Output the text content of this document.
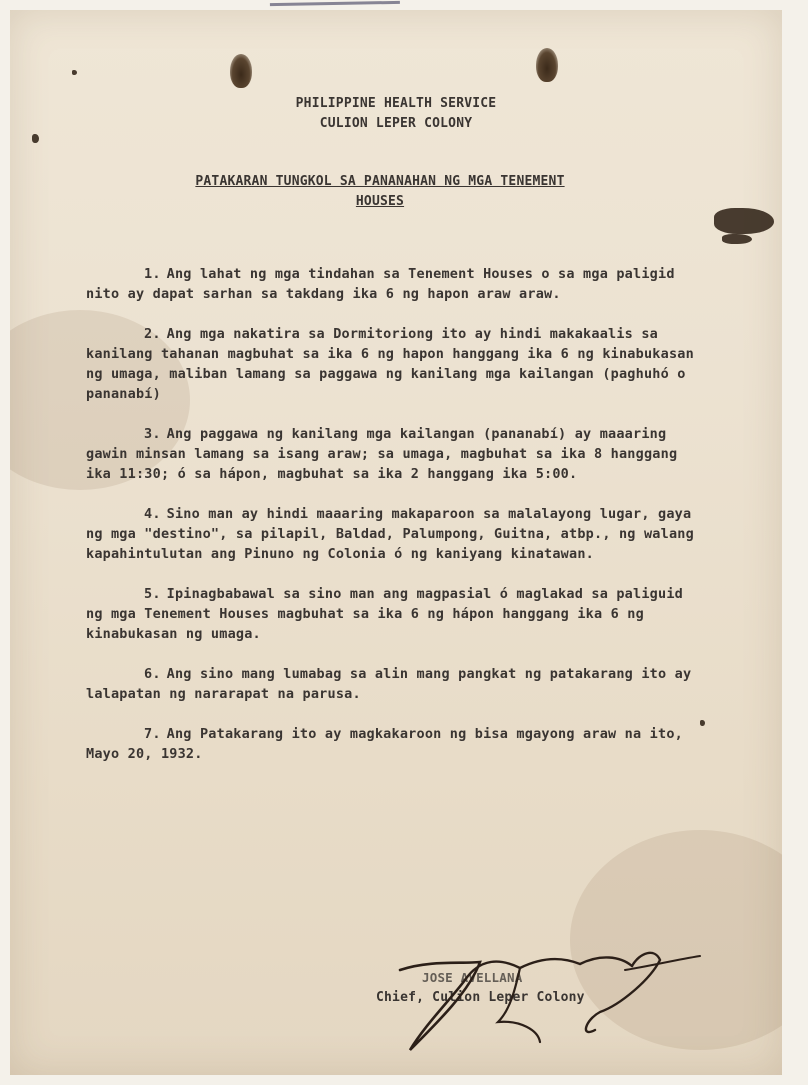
PHILIPPINE HEALTH SERVICE
CULION LEPER COLONY
PATAKARAN TUNGKOL SA PANANAHAN NG MGA TENEMENT
HOUSES

1. Ang lahat ng mga tindahan sa Tenement Houses o sa mga paligid nito ay dapat sarhan sa takdang ika 6 ng hapon araw araw.

2. Ang mga nakatira sa Dormitoriong ito ay hindi makakaalis sa kanilang tahanan magbuhat sa ika 6 ng hapon hanggang ika 6 ng kinabukasan ng umaga, maliban lamang sa paggawa ng kanilang mga kailangan (paghuhó o pananabí)

3. Ang paggawa ng kanilang mga kailangan (pananabí) ay maaaring gawin minsan lamang sa isang araw; sa umaga, magbuhat sa ika 8 hanggang ika 11:30; ó sa hápon, magbuhat sa ika 2 hanggang ika 5:00.

4. Sino man ay hindi maaaring makaparoon sa malalayong lugar, gaya ng mga "destino", sa pilapil, Baldad, Palumpong, Guitna, atbp., ng walang kapahintulutan ang Pinuno ng Colonia ó ng kaniyang kinatawan.

5. Ipinagbabawal sa sino man ang magpasial ó maglakad sa paliguid ng mga Tenement Houses magbuhat sa ika 6 ng hápon hanggang ika 6 ng kinabukasan ng umaga.

6. Ang sino mang lumabag sa alin mang pangkat ng patakarang ito ay lalapatan ng nararapat na parusa.

7. Ang Patakarang ito ay magkakaroon ng bisa mgayong araw na ito, Mayo 20, 1932.

JOSE AVELLANA
Chief, Culion Leper Colony
